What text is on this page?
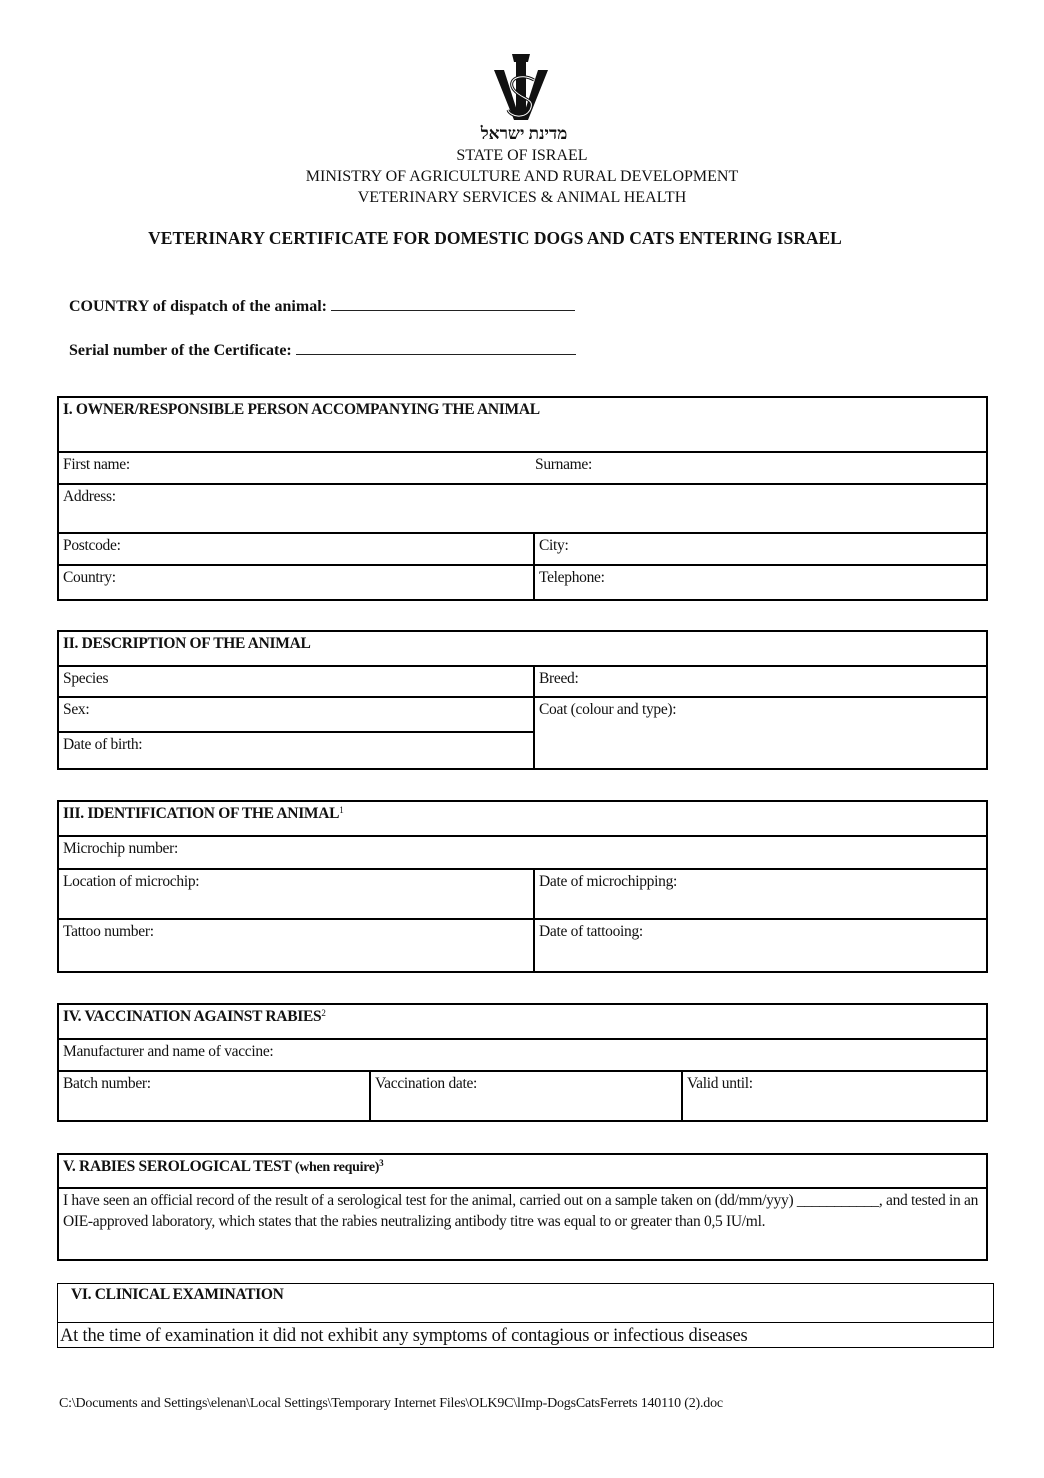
מדינת ישראל
STATE OF ISRAEL
MINISTRY OF AGRICULTURE AND RURAL DEVELOPMENT
VETERINARY SERVICES & ANIMAL HEALTH
VETERINARY CERTIFICATE FOR DOMESTIC DOGS AND CATS ENTERING ISRAEL
COUNTRY of dispatch of the animal:
Serial number of the Certificate:
I. OWNER/RESPONSIBLE PERSON ACCOMPANYING THE ANIMAL	
First name: Surname:	

Address:	
Postcode:	City:
Country:	Telephone:
II. DESCRIPTION OF THE ANIMAL	
Species	Breed:
Sex:	Coat (colour and type):
Date of birth:	
III. IDENTIFICATION OF THE ANIMAL$^1$
Microchip number:	
Location of microchip:	Date of microchipping:
Tattoo number:	Date of tattooing:
IV. VACCINATION AGAINST RABIES$^2$
Manufacturer and name of vaccine:
Batch number:	Vaccination date:	Valid until:
V. RABIES SEROLOGICAL TEST (when require)$^3$
I have seen an official record of the result of a serological test for the animal, carried out on a sample taken on (dd/mm/yyy) ___________, and tested in an OIE-approved laboratory, which states that the rabies neutralizing antibody titre was equal to or greater than 0,5 IU/ml.
VI. CLINICAL EXAMINATION
At the time of examination it did not exhibit any symptoms of contagious or infectious diseases
C:\Documents and Settings\elenan\Local Settings\Temporary Internet Files\OLK9C\lImp-DogsCatsFerrets 140110 (2).doc
